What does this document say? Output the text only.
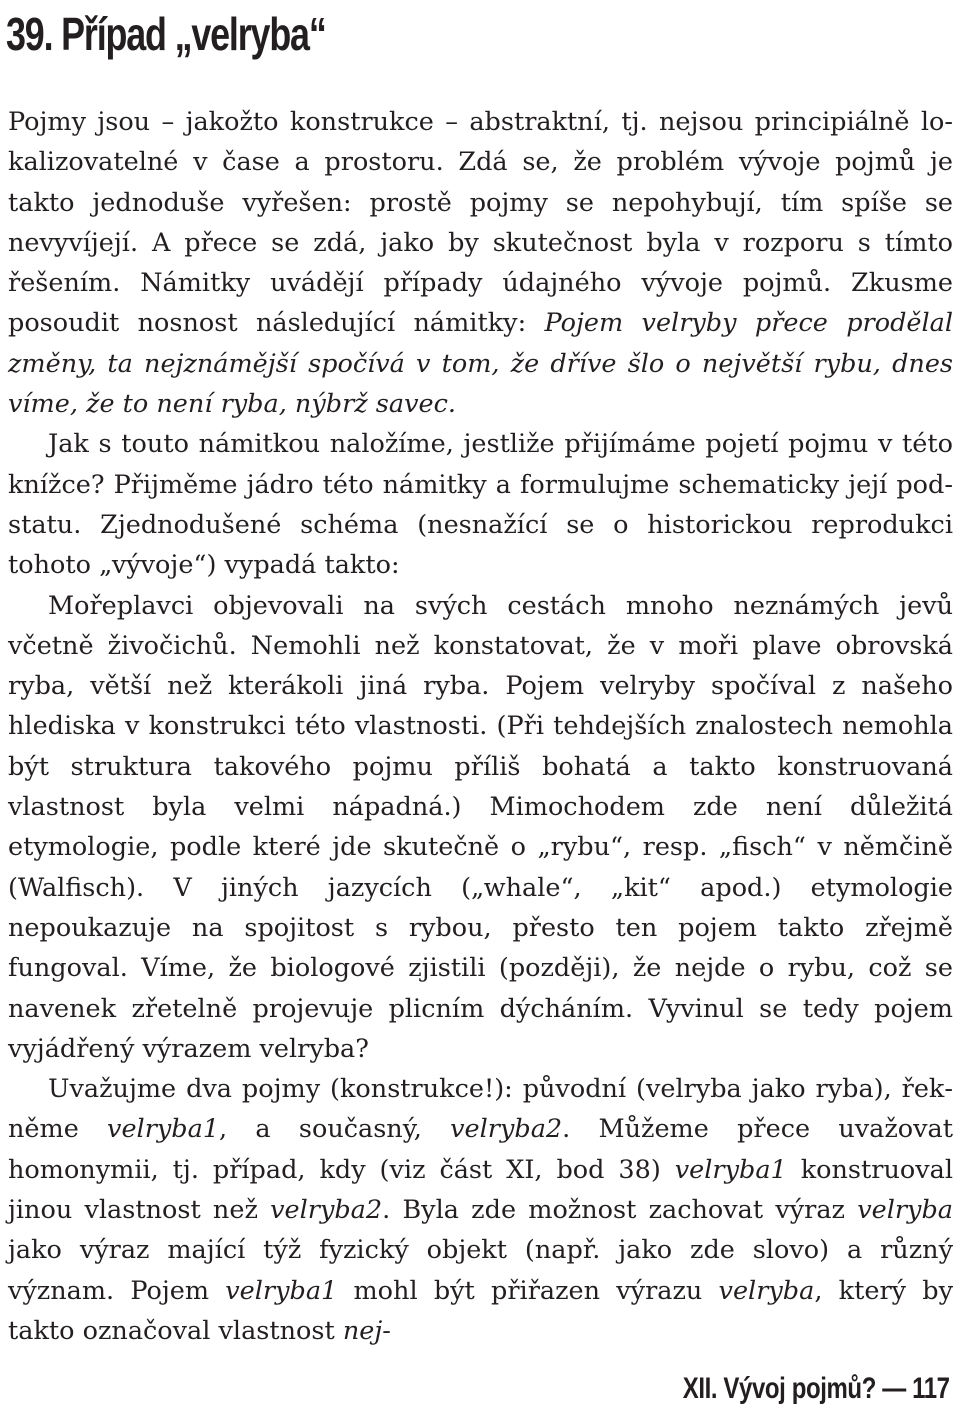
39. Případ „velryba“

Pojmy jsou – jakožto konstrukce – abstraktní, tj. nejsou principiálně lokalizovatelné v čase a prostoru. Zdá se, že problém vývoje pojmů je takto jednoduše vyřešen: prostě pojmy se nepohybují, tím spíše se nevyvíjejí. A přece se zdá, jako by skutečnost byla v rozporu s tímto řešením. Námitky uvádějí případy údajného vývoje pojmů. Zkusme posoudit nosnost následující námitky: Pojem velryby přece prodělal změny, ta nejznámější spočívá v tom, že dříve šlo o největší rybu, dnes víme, že to není ryba, nýbrž savec.

Jak s touto námitkou naložíme, jestliže přijímáme pojetí pojmu v této knížce? Přijměme jádro této námitky a formulujme schematicky její podstatu. Zjednodušené schéma (nesnažící se o historickou reprodukci tohoto „vývoje“) vypadá takto:

Mořeplavci objevovali na svých cestách mnoho neznámých jevů včetně živočichů. Nemohli než konstatovat, že v moři plave obrovská ryba, větší než kterákoli jiná ryba. Pojem velryby spočíval z našeho hlediska v konstrukci této vlastnosti. (Při tehdejších znalostech nemohla být struktura takového pojmu příliš bohatá a takto konstruovaná vlastnost byla velmi nápadná.) Mimochodem zde není důležitá etymologie, podle které jde skutečně o „rybu“, resp. „fisch“ v němčině (Walfisch). V jiných jazycích („whale“, „kit“ apod.) etymologie nepoukazuje na spojitost s rybou, přesto ten pojem takto zřejmě fungoval. Víme, že biologové zjistili (později), že nejde o rybu, což se navenek zřetelně projevuje plicním dýcháním. Vyvinul se tedy pojem vyjádřený výrazem velryba?

Uvažujme dva pojmy (konstrukce!): původní (velryba jako ryba), řekněme velryba1, a současný, velryba2. Můžeme přece uvažovat homonymii, tj. případ, kdy (viz část XI, bod 38) velryba1 konstruoval jinou vlastnost než velryba2. Byla zde možnost zachovat výraz velryba jako výraz mající týž fyzický objekt (např. jako zde slovo) a různý význam. Pojem velryba1 mohl být přiřazen výrazu velryba, který by takto označoval vlastnost nej-

XII. Vývoj pojmů? — 117
